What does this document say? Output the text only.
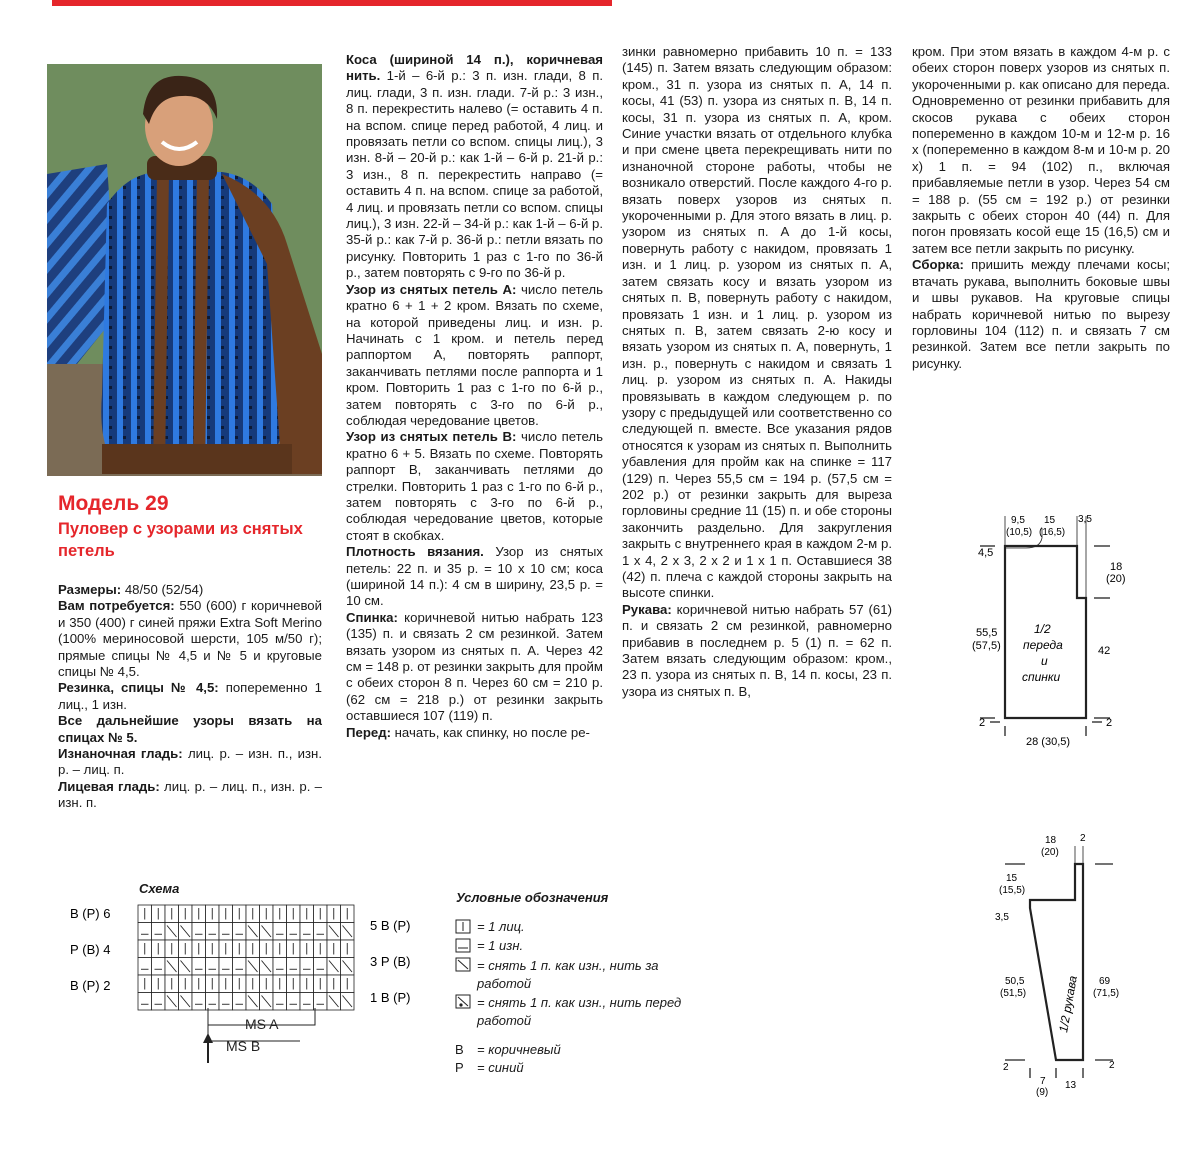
Модель 29
Пуловер с узорами из снятых петель

Размеры: 48/50 (52/54)

Вам потребуется: 550 (600) г коричневой и 350 (400) г синей пряжи Extra Soft Merino (100% мериносовой шерсти, 105 м/50 г); прямые спицы № 4,5 и № 5 и круговые спицы № 4,5.

Резинка, спицы № 4,5: попеременно 1 лиц., 1 изн.

Все дальнейшие узоры вязать на спицах № 5.

Изнаночная гладь: лиц. р. – изн. п., изн. р. – лиц. п.

Лицевая гладь: лиц. р. – лиц. п., изн. р. – изн. п.

Коса (шириной 14 п.), коричневая нить. 1-й – 6-й р.: 3 п. изн. глади, 8 п. лиц. глади, 3 п. изн. глади. 7-й р.: 3 изн., 8 п. перекрестить налево (= оставить 4 п. на вспом. спице перед работой, 4 лиц. и провязать петли со вспом. спицы лиц.), 3 изн. 8-й – 20-й р.: как 1-й – 6-й р. 21-й р.: 3 изн., 8 п. перекрестить направо (= оставить 4 п. на вспом. спице за работой, 4 лиц. и провязать петли со вспом. спицы лиц.), 3 изн. 22-й – 34-й р.: как 1-й – 6-й р. 35-й р.: как 7-й р. 36-й р.: петли вязать по рисунку. Повторить 1 раз с 1-го по 36-й р., затем повторять с 9-го по 36-й р.

Узор из снятых петель А: число петель кратно 6 + 1 + 2 кром. Вязать по схеме, на которой приведены лиц. и изн. р. Начинать с 1 кром. и петель перед раппортом А, повторять раппорт, заканчивать петлями после раппорта и 1 кром. Повторить 1 раз с 1-го по 6-й р., затем повторять с 3-го по 6-й р., соблюдая чередование цветов.

Узор из снятых петель В: число петель кратно 6 + 5. Вязать по схеме. Повторять раппорт В, заканчивать петлями до стрелки. Повторить 1 раз с 1-го по 6-й р., затем повторять с 3-го по 6-й р., соблюдая чередование цветов, которые стоят в скобках.

Плотность вязания. Узор из снятых петель: 22 п. и 35 р. = 10 х 10 см; коса (шириной 14 п.): 4 см в ширину, 23,5 р. = 10 см.

Спинка: коричневой нитью набрать 123 (135) п. и связать 2 см резинкой. Затем вязать узором из снятых п. А. Через 42 см = 148 р. от резинки закрыть для пройм с обеих сторон 8 п. Через 60 см = 210 р. (62 см = 218 р.) от резинки закрыть оставшиеся 107 (119) п.

Перед: начать, как спинку, но после ре-

зинки равномерно прибавить 10 п. = 133 (145) п. Затем вязать следующим образом: кром., 31 п. узора из снятых п. А, 14 п. косы, 41 (53) п. узора из снятых п. В, 14 п. косы, 31 п. узора из снятых п. А, кром. Синие участки вязать от отдельного клубка и при смене цвета перекрещивать нити по изнаночной стороне работы, чтобы не возникало отверстий. После каждого 4-го р. вязать поверх узоров из снятых п. укороченными р. Для этого вязать в лиц. р. узором из снятых п. А до 1-й косы, повернуть работу с накидом, провязать 1 изн. и 1 лиц. р. узором из снятых п. А, затем связать косу и вязать узором из снятых п. В, повернуть работу с накидом, провязать 1 изн. и 1 лиц. р. узором из снятых п. В, затем связать 2-ю косу и вязать узором из снятых п. А, повернуть, 1 изн. р., повернуть с накидом и связать 1 лиц. р. узором из снятых п. А. Накиды провязывать в каждом следующем р. по узору с предыдущей или соответственно со следующей п. вместе. Все указания рядов относятся к узорам из снятых п. Выполнить убавления для пройм как на спинке = 117 (129) п. Через 55,5 см = 194 р. (57,5 см = 202 р.) от резинки закрыть для выреза горловины средние 11 (15) п. и обе стороны закончить раздельно. Для закругления закрыть с внутреннего края в каждом 2-м р. 1 х 4, 2 х 3, 2 х 2 и 1 х 1 п. Оставшиеся 38 (42) п. плеча с каждой стороны закрыть на высоте спинки.

Рукава: коричневой нитью набрать 57 (61) п. и связать 2 см резинкой, равномерно прибавив в последнем р. 5 (1) п. = 62 п. Затем вязать следующим образом: кром., 23 п. узора из снятых п. В, 14 п. косы, 23 п. узора из снятых п. В,

кром. При этом вязать в каждом 4-м р. с обеих сторон поверх узоров из снятых п. укороченными р. как описано для переда. Одновременно от резинки прибавить для скосов рукава с обеих сторон попеременно в каждом 10-м и 12-м р. 16 х (попеременно в каждом 8-м и 10-м р. 20 х) 1 п. = 94 (102) п., включая прибавляемые петли в узор. Через 54 см = 188 р. (55 см = 192 р.) от резинки закрыть с обеих сторон 40 (44) п. Для погон провязать косой еще 15 (16,5) см и затем все петли закрыть по рисунку.

Сборка: пришить между плечами косы; втачать рукава, выполнить боковые швы и швы рукавов. На круговые спицы набрать коричневой нитью по вырезу горловины 104 (112) п. и связать 7 см резинкой. Затем все петли закрыть по рисунку.

Схема
В (Р) 6
Р (В) 4
В (Р) 2
5 В (Р)
3 Р (В)
1 В (Р)
MS A
MS B
Условные обозначения
= 1 лиц.
= 1 изн.
= снять 1 п. как изн., нить за работой
= снять 1 п. как изн., нить перед работой
В	= коричневый
Р	= синий
9,5
(10,5)
15
(16,5)
3,5
4,5
18
(20)
55,5
(57,5)	42
1/2
переда
и
спинки
2	2
28 (30,5)
18
(20)
2
15
(15,5)
3,5
50,5
(51,5)
69
(71,5)
1/2 рукава
2	2
7
(9)
13
